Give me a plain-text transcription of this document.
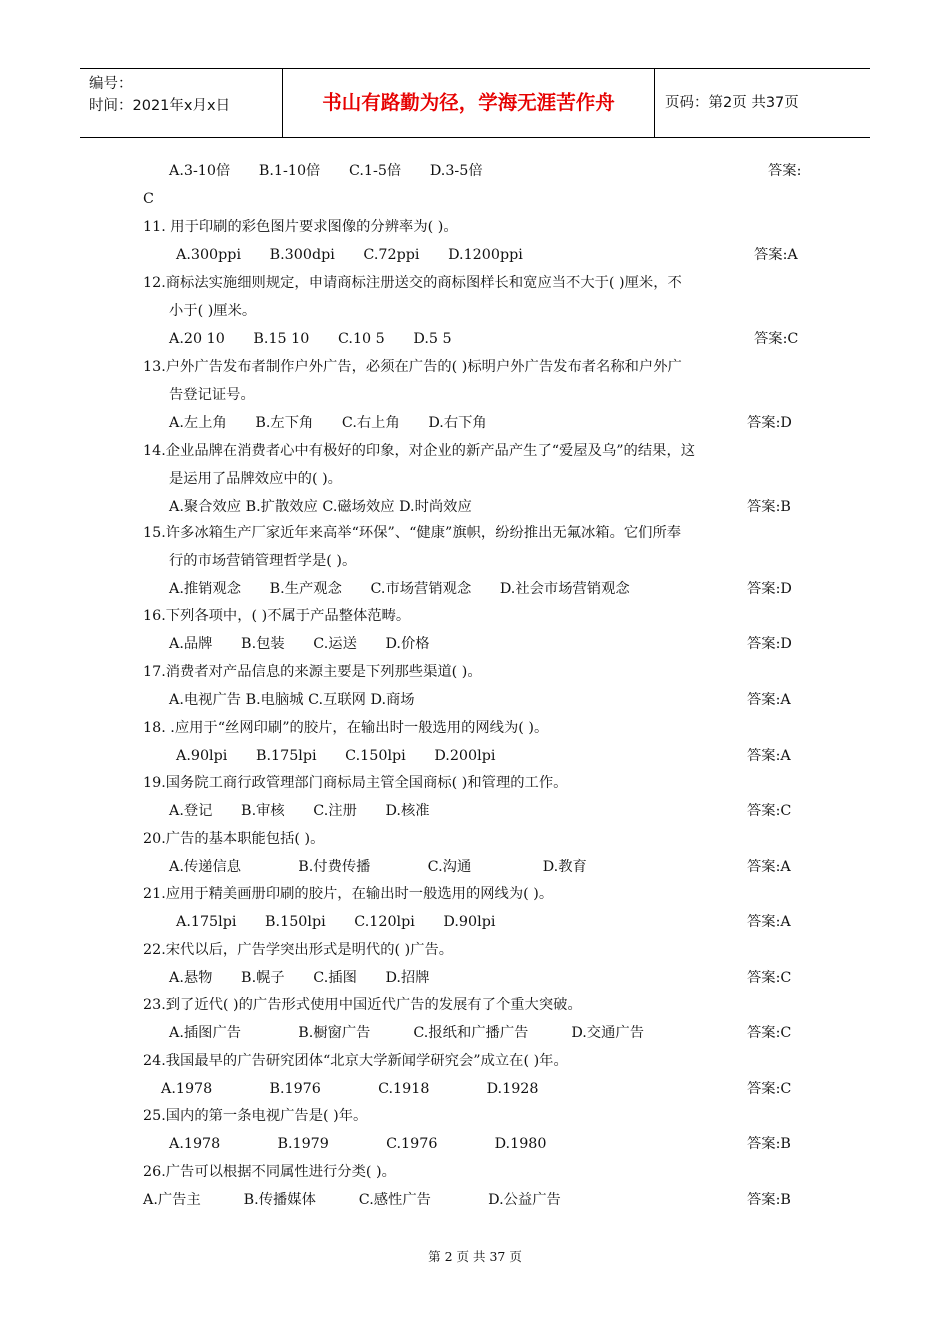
编号：
时间：2021年x月x日	书山有路勤为径，学海无涯苦作舟	页码：第2页 共37页
A.3-10倍　　B.1-10倍　　C.1-5倍　　D.3-5倍
C
11. 用于印刷的彩色图片要求图像的分辨率为( )。
A.300ppi　　B.300dpi　　C.72ppi　　D.1200ppi
12.商标法实施细则规定，申请商标注册送交的商标图样长和宽应当不大于( )厘米，不
小于( )厘米。
A.20 10　　B.15 10　　C.10 5　　D.5 5
13.户外广告发布者制作户外广告，必须在广告的( )标明户外广告发布者名称和户外广
告登记证号。
A.左上角　　B.左下角　　C.右上角　　D.右下角
14.企业品牌在消费者心中有极好的印象，对企业的新产品产生了“爱屋及乌”的结果，这
是运用了品牌效应中的( )。
A.聚合效应 B.扩散效应 C.磁场效应 D.时尚效应
15.许多冰箱生产厂家近年来高举“环保”、“健康”旗帜，纷纷推出无氟冰箱。它们所奉
行的市场营销管理哲学是( )。
A.推销观念　　B.生产观念　　C.市场营销观念　　D.社会市场营销观念
16.下列各项中，( )不属于产品整体范畴。
A.品牌　　B.包装　　C.运送　　D.价格
17.消费者对产品信息的来源主要是下列那些渠道( )。
A.电视广告 B.电脑城 C.互联网 D.商场
18. .应用于“丝网印刷”的胶片，在输出时一般选用的网线为( )。
A.90lpi　　B.175lpi　　C.150lpi　　D.200lpi
19.国务院工商行政管理部门商标局主管全国商标( )和管理的工作。
A.登记　　B.审核　　C.注册　　D.核准
20.广告的基本职能包括( )。
A.传递信息　　　　B.付费传播　　　　C.沟通　　　　　D.教育
21.应用于精美画册印刷的胶片，在输出时一般选用的网线为( )。
A.175lpi　　B.150lpi　　C.120lpi　　D.90lpi
22.宋代以后，广告学突出形式是明代的( )广告。
A.悬物　　B.幌子　　C.插图　　D.招牌
23.到了近代( )的广告形式使用中国近代广告的发展有了个重大突破。
A.插图广告　　　　B.橱窗广告　　　C.报纸和广播广告　　　D.交通广告
24.我国最早的广告研究团体“北京大学新闻学研究会”成立在( )年。
A.1978　　　　B.1976　　　　C.1918　　　　D.1928
25.国内的第一条电视广告是( )年。
A.1978　　　　B.1979　　　　C.1976　　　　D.1980
26.广告可以根据不同属性进行分类( )。
A.广告主　　　B.传播媒体　　　C.感性广告　　　　D.公益广告
答案:
答案:A
答案:C
答案:D
答案:B
答案:D
答案:D
答案:A
答案:A
答案:C
答案:A
答案:A
答案:C
答案:C
答案:C
答案:B
答案:B
第 2 页 共 37 页
